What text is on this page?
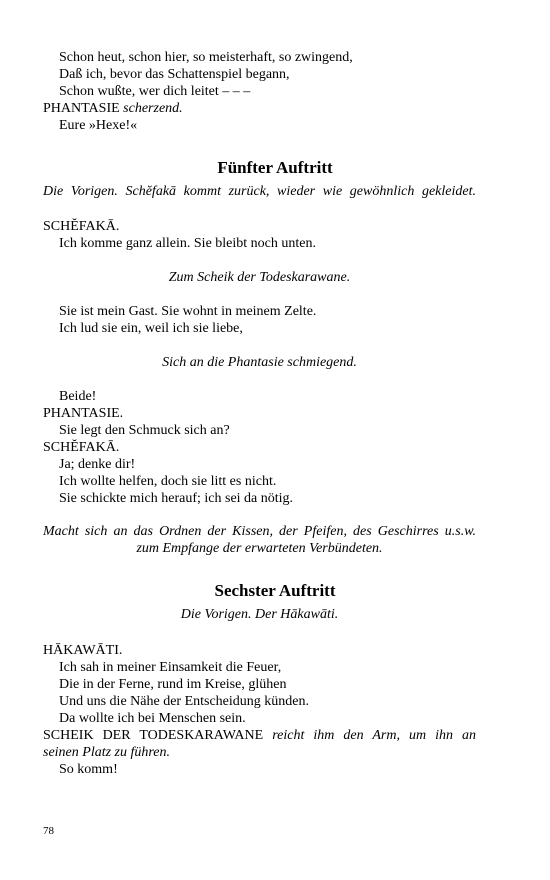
Schon heut, schon hier, so meisterhaft, so zwingend,
Daß ich, bevor das Schattenspiel begann,
Schon wußte, wer dich leitet – – –
PHANTASIE scherzend.
Eure »Hexe!«
Fünfter Auftritt
Die Vorigen. Schĕfakā kommt zurück, wieder wie gewöhnlich gekleidet.
SCHĔFAKĀ.
Ich komme ganz allein. Sie bleibt noch unten.
Zum Scheik der Todeskarawane.
Sie ist mein Gast. Sie wohnt in meinem Zelte.
Ich lud sie ein, weil ich sie liebe,
Sich an die Phantasie schmiegend.
Beide!
PHANTASIE.
Sie legt den Schmuck sich an?
SCHĔFAKĀ.
Ja; denke dir!
Ich wollte helfen, doch sie litt es nicht.
Sie schickte mich herauf; ich sei da nötig.
Macht sich an das Ordnen der Kissen, der Pfeifen, des Geschirres u.s.w.
zum Empfange der erwarteten Verbündeten.
Sechster Auftritt
Die Vorigen. Der Hākawāti.
HĀKAWĀTI.
Ich sah in meiner Einsamkeit die Feuer,
Die in der Ferne, rund im Kreise, glühen
Und uns die Nähe der Entscheidung künden.
Da wollte ich bei Menschen sein.
SCHEIK DER TODESKARAWANE reicht ihm den Arm, um ihn an
seinen Platz zu führen.
So komm!
78
